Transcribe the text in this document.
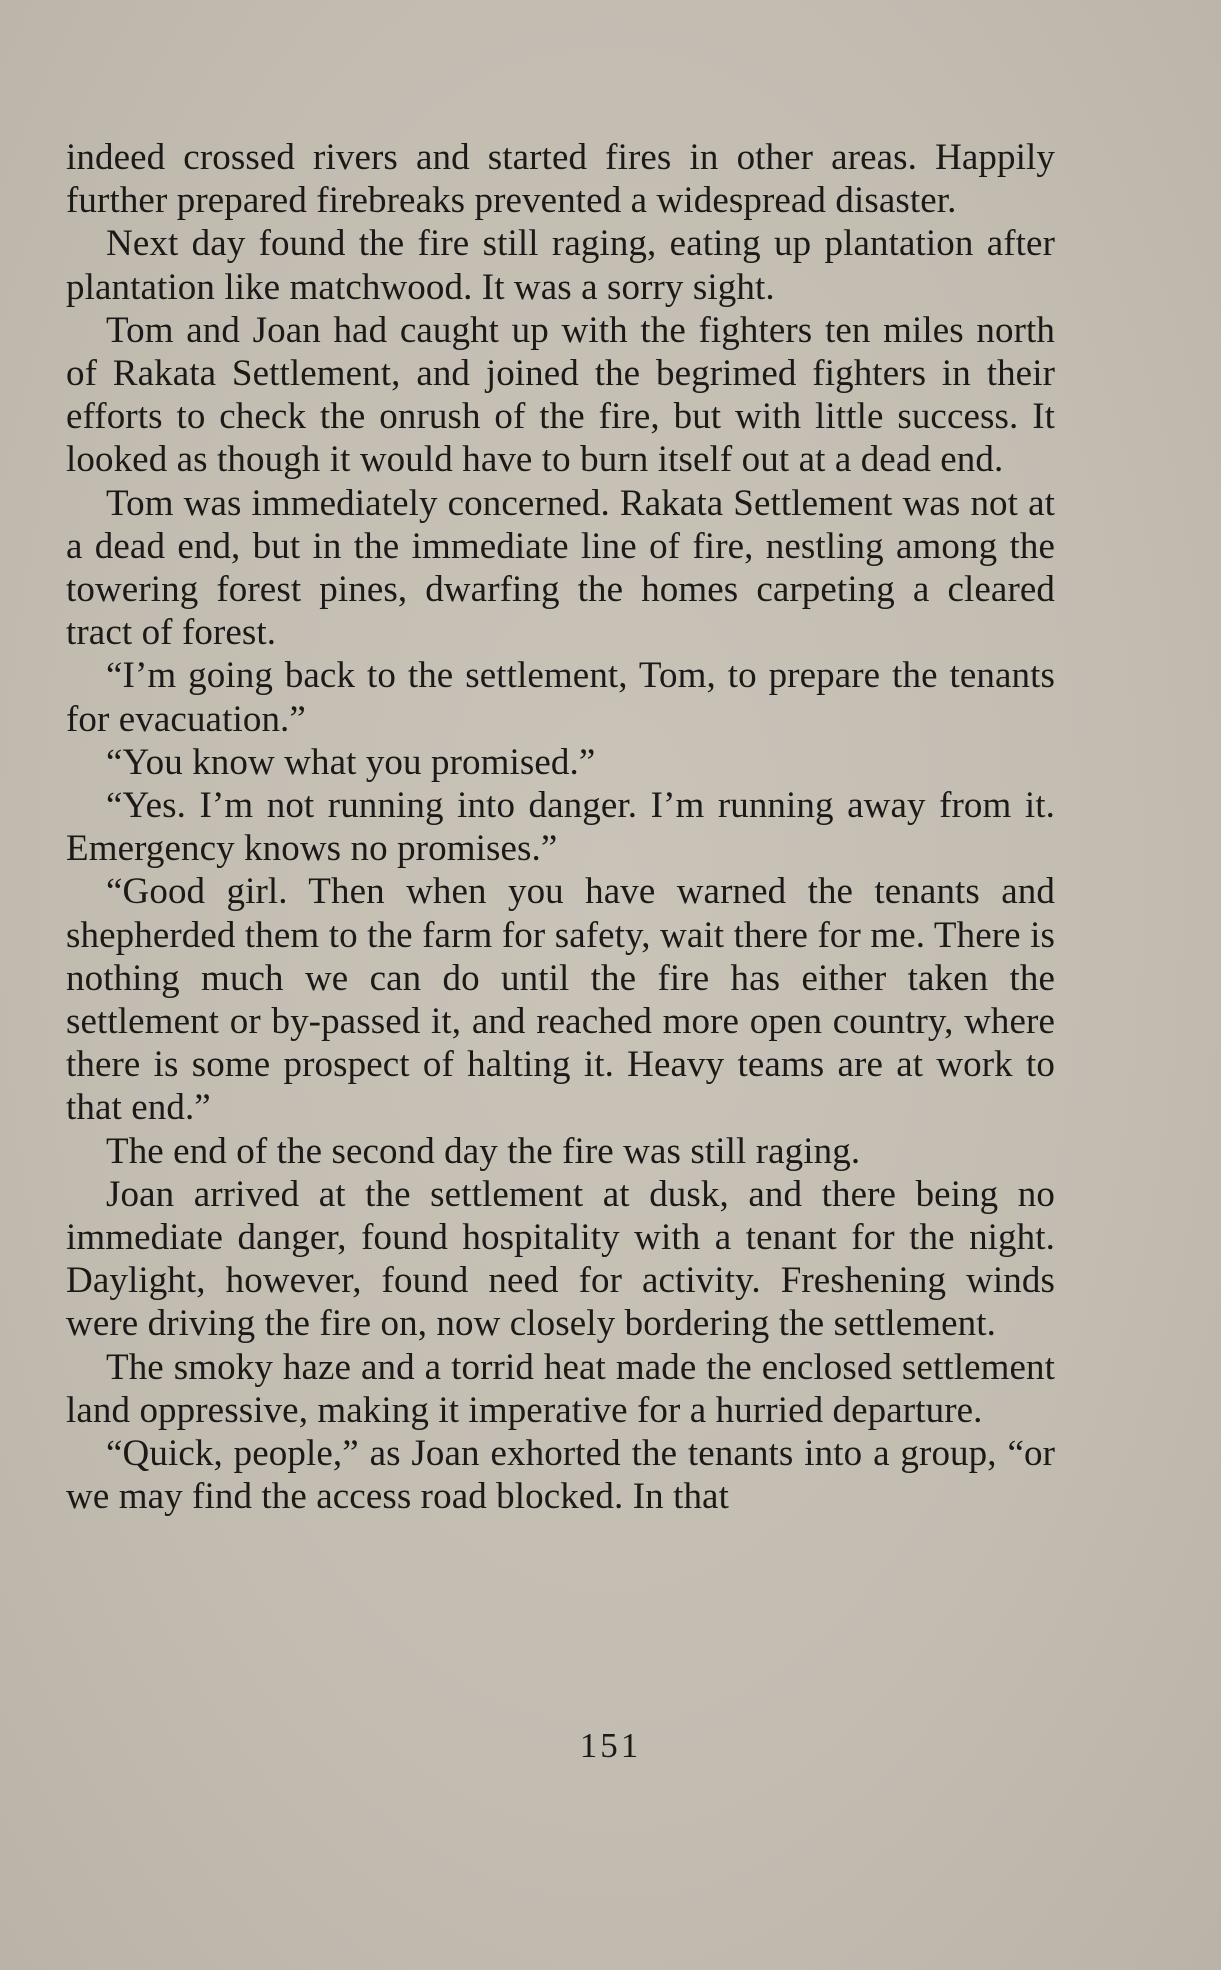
indeed crossed rivers and started fires in other areas. Happily further prepared firebreaks prevented a widespread disaster.

Next day found the fire still raging, eating up plantation after plantation like matchwood. It was a sorry sight.

Tom and Joan had caught up with the fighters ten miles north of Rakata Settlement, and joined the begrimed fighters in their efforts to check the onrush of the fire, but with little success. It looked as though it would have to burn itself out at a dead end.

Tom was immediately concerned. Rakata Settlement was not at a dead end, but in the immediate line of fire, nestling among the towering forest pines, dwarfing the homes carpeting a cleared tract of forest.

“I’m going back to the settlement, Tom, to prepare the tenants for evacuation.”

“You know what you promised.”

“Yes. I’m not running into danger. I’m running away from it. Emergency knows no promises.”

“Good girl. Then when you have warned the tenants and shepherded them to the farm for safety, wait there for me. There is nothing much we can do until the fire has either taken the settlement or by-passed it, and reached more open country, where there is some prospect of halting it. Heavy teams are at work to that end.”

The end of the second day the fire was still raging.

Joan arrived at the settlement at dusk, and there being no immediate danger, found hospitality with a tenant for the night. Daylight, however, found need for activity. Freshening winds were driving the fire on, now closely bordering the settlement.

The smoky haze and a torrid heat made the enclosed settlement land oppressive, making it imperative for a hurried departure.

“Quick, people,” as Joan exhorted the tenants into a group, “or we may find the access road blocked. In that

151
